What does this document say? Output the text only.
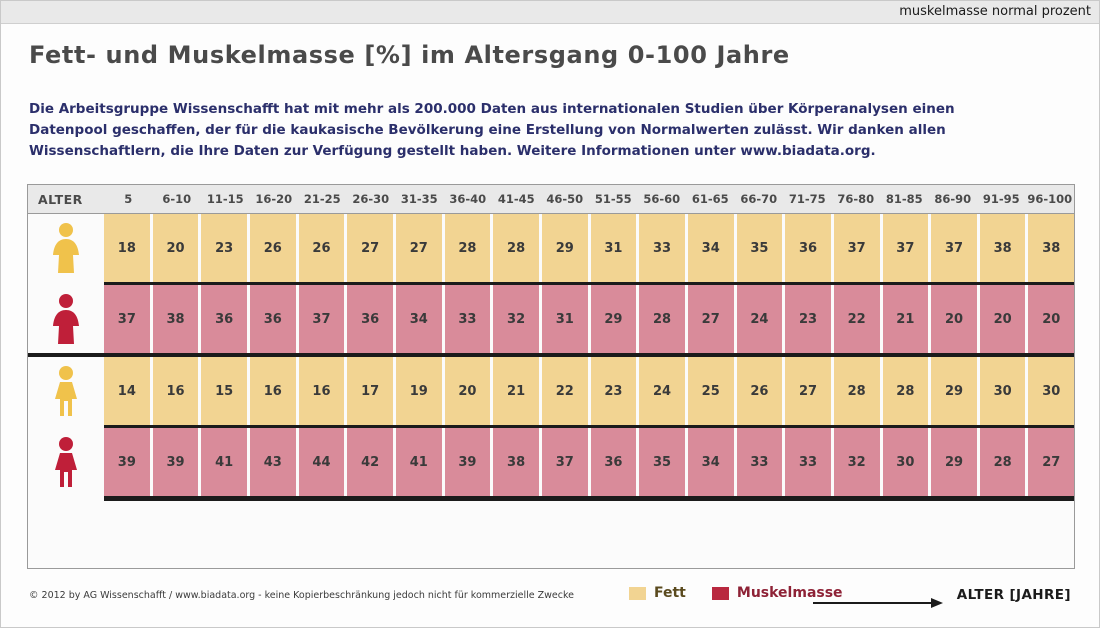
muskelmasse normal prozent
Fett- und Muskelmasse [%] im Altersgang 0-100 Jahre
Die Arbeitsgruppe Wissenschafft hat mit mehr als 200.000 Daten aus internationalen Studien über Körperanalysen einen
Datenpool geschaffen, der für die kaukasische Bevölkerung eine Erstellung von Normalwerten zulässt. Wir danken allen
Wissenschaftlern, die Ihre Daten zur Verfügung gestellt haben. Weitere Informationen unter www.biadata.org.
ALTER	5	6-10	11-15	16-20	21-25	26-30	31-35	36-40	41-45	46-50	51-55	56-60	61-65	66-70	71-75	76-80	81-85	86-90	91-95 96-100
18	20	23	26	26	27	27	28	28	29	31	33	34	35	36	37	37	37	38	38
37	38	36	36	37	36	34	33	32	31	29	28	27	24	23	22	21	20	20	20
14	16	15	16	16	17	19	20	21	22	23	24	25	26	27	28	28	29	30	30
39	39	41	43	44	42	41	39	38	37	36	35	34	33	33	32	30	29	28	27
© 2012 by AG Wissenschafft / www.biadata.org - keine Kopierbeschränkung jedoch nicht für kommerzielle Zwecke	Fett	Muskelmasse	ALTER [JAHRE]
